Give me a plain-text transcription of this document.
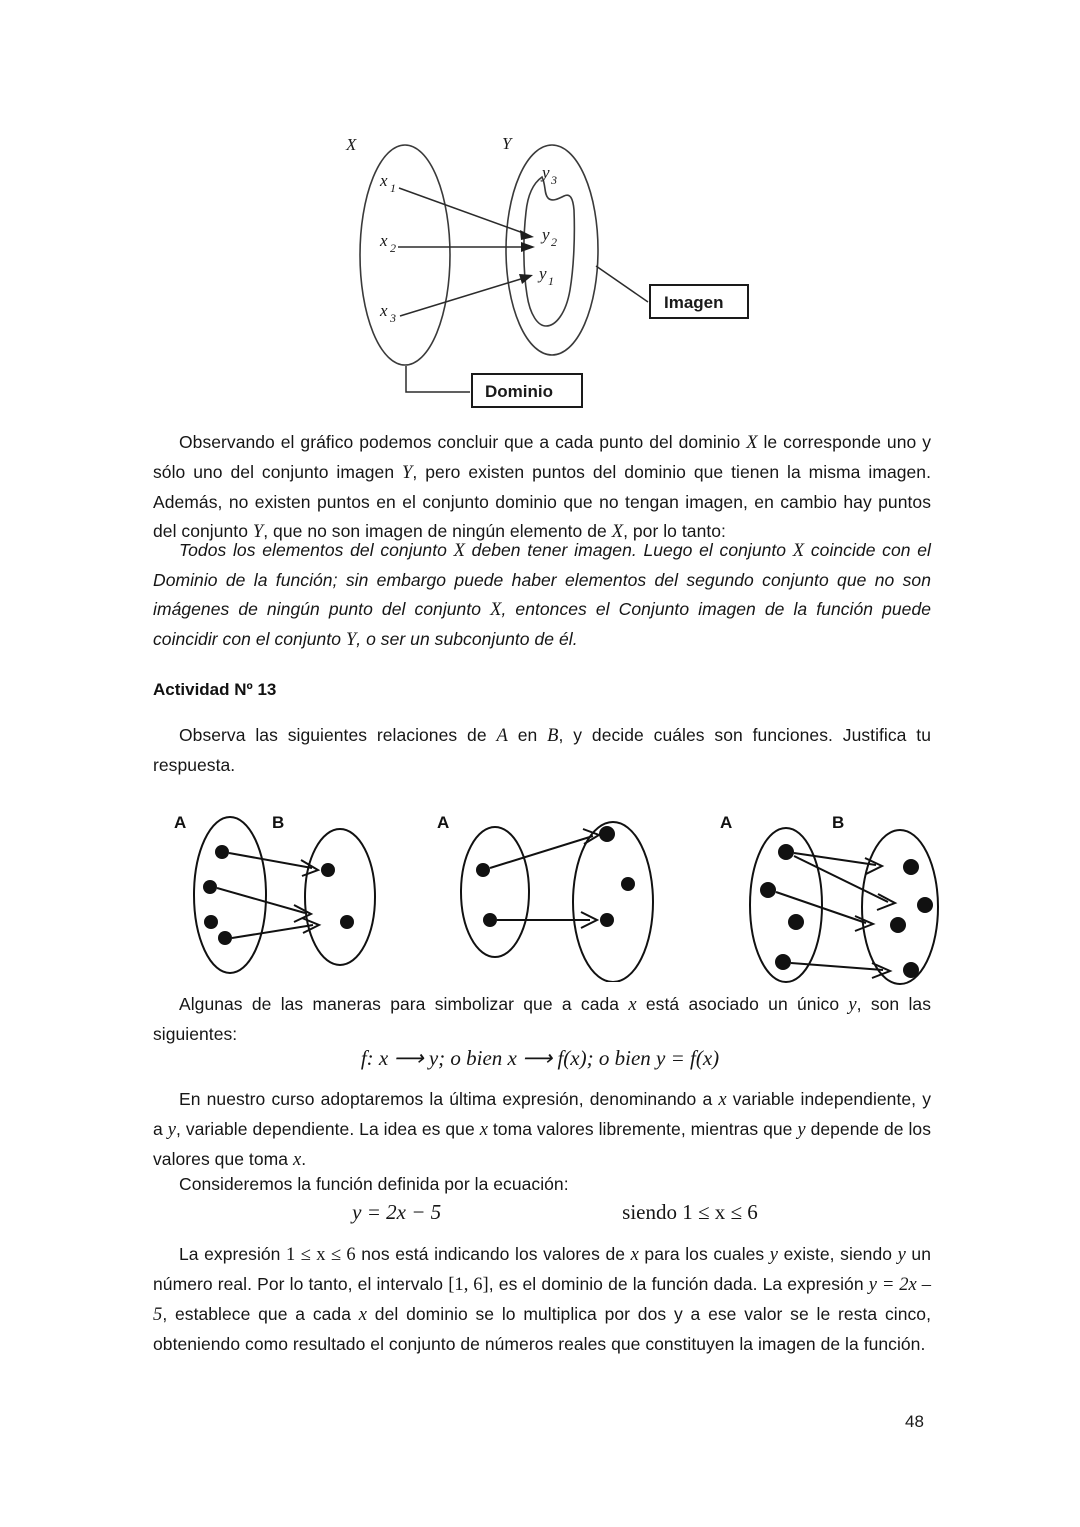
X	Y
x 1
x 2
x 3
y 3
y 2
y 1
Imagen
Dominio
Observando el gráfico podemos concluir que a cada punto del dominio X le corresponde uno y sólo uno del conjunto imagen Y, pero existen puntos del dominio que tienen la misma imagen. Además, no existen puntos en el conjunto dominio que no tengan imagen, en cambio hay puntos del conjunto Y, que no son imagen de ningún elemento de X, por lo tanto:
Todos los elementos del conjunto X deben tener imagen. Luego el conjunto X coincide con el Dominio de la función; sin embargo puede haber elementos del segundo conjunto que no son imágenes de ningún punto del conjunto X, entonces el Conjunto imagen de la función puede coincidir con el conjunto Y, o ser un subconjunto de él.
Actividad Nº 13
Observa las siguientes relaciones de A en B, y decide cuáles son funciones. Justifica tu respuesta.
A	B	A	A	B
Algunas de las maneras para simbolizar que a cada x está asociado un único y, son las siguientes:
f: x ⟶ y; o bien x ⟶ f(x); o bien y = f(x)
En nuestro curso adoptaremos la última expresión, denominando a x variable independiente, y a y, variable dependiente. La idea es que x toma valores libremente, mientras que y depende de los valores que toma x.
Consideremos la función definida por la ecuación:
y = 2x − 5	siendo 1 ≤ x ≤ 6
La expresión 1 ≤ x ≤ 6 nos está indicando los valores de x para los cuales y existe, siendo y un número real. Por lo tanto, el intervalo [1, 6], es el dominio de la función dada. La expresión y = 2x – 5, establece que a cada x del dominio se lo multiplica por dos y a ese valor se le resta cinco, obteniendo como resultado el conjunto de números reales que constituyen la imagen de la función.
48
